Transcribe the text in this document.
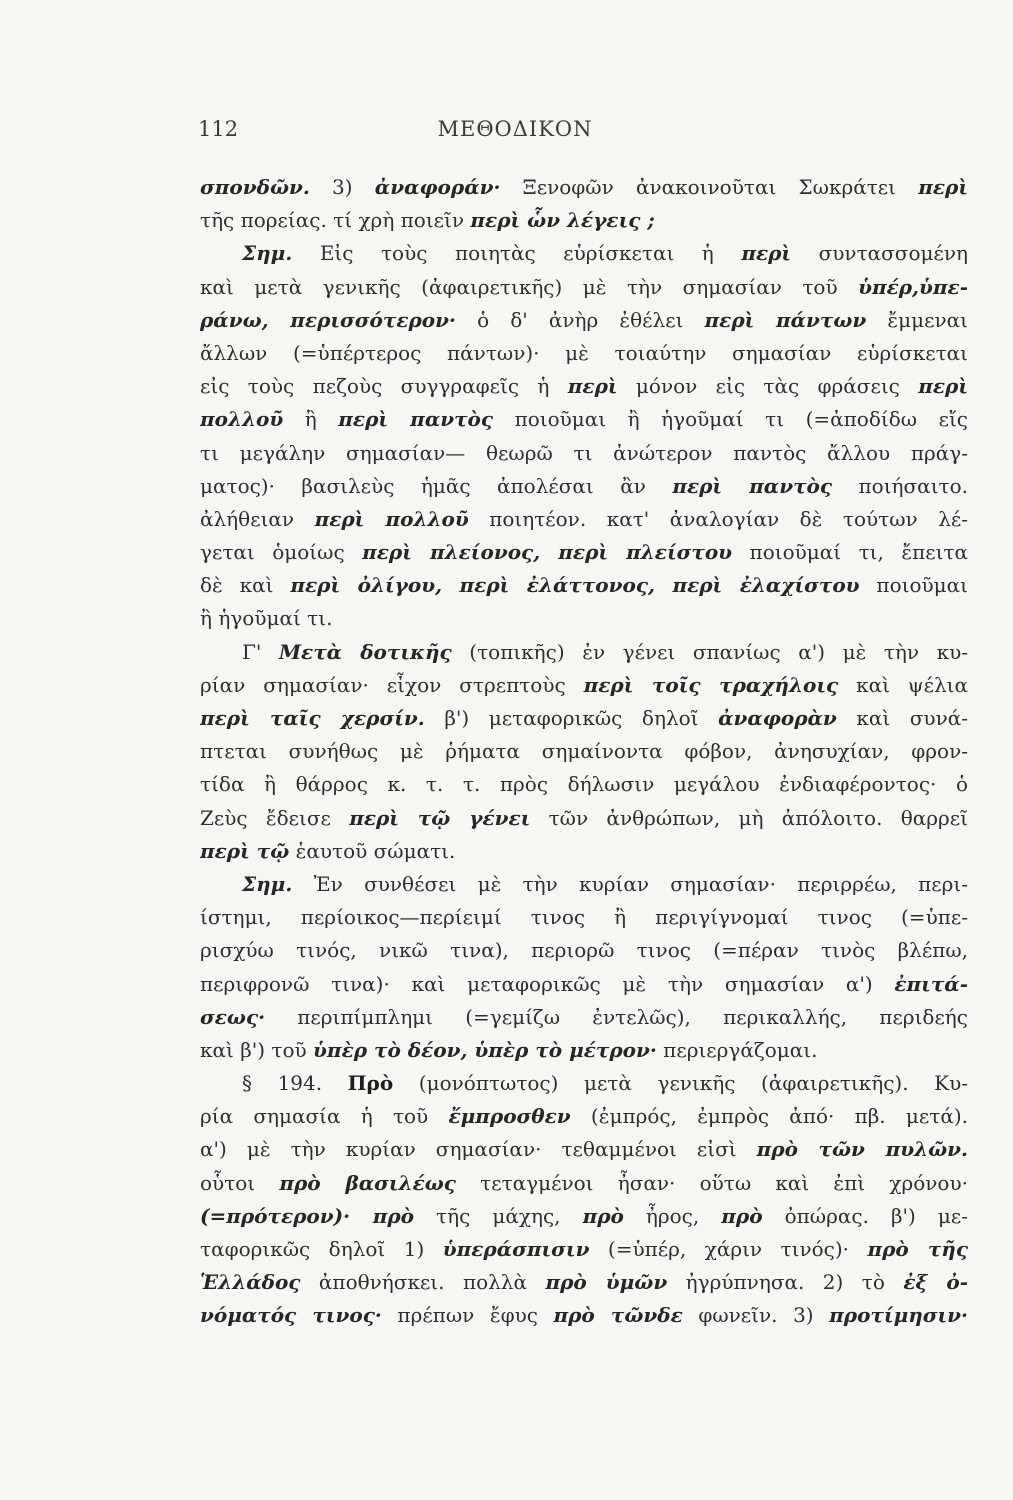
112	ΜΕΘΟΔΙΚΟΝ
σπονδῶν. 3) ἀναφοράν· Ξενοφῶν ἀνακοινοῦται Σωκράτει περὶ
τῆς πορείας. τί χρὴ ποιεῖν περὶ ὧν λέγεις ;
Σημ. Εἰς τοὺς ποιητὰς εὑρίσκεται ἡ περὶ συντασσομένη
καὶ μετὰ γενικῆς (ἀφαιρετικῆς) μὲ τὴν σημασίαν τοῦ ὑπέρ,ὑπε-
ράνω, περισσότερον· ὁ δ' ἀνὴρ ἐθέλει περὶ πάντων ἔμμεναι
ἄλλων (=ὑπέρτερος πάντων)· μὲ τοιαύτην σημασίαν εὑρίσκεται
εἰς τοὺς πεζοὺς συγγραφεῖς ἡ περὶ μόνον εἰς τὰς φράσεις περὶ
πολλοῦ ἢ περὶ παντὸς ποιοῦμαι ἢ ἡγοῦμαί τι (=ἀποδίδω εἴς
τι μεγάλην σημασίαν— θεωρῶ τι ἀνώτερον παντὸς ἄλλου πράγ-
ματος)· βασιλεὺς ἡμᾶς ἀπολέσαι ἂν περὶ παντὸς ποιήσαιτο.
ἀλήθειαν περὶ πολλοῦ ποιητέον. κατ' ἀναλογίαν δὲ τούτων λέ-
γεται ὁμοίως περὶ πλείονος, περὶ πλείστου ποιοῦμαί τι, ἔπειτα
δὲ καὶ περὶ ὀλίγου, περὶ ἐλάττονος, περὶ ἐλαχίστου ποιοῦμαι
ἢ ἡγοῦμαί τι.
Γ' Μετὰ δοτικῆς (τοπικῆς) ἐν γένει σπανίως α') μὲ τὴν κυ-
ρίαν σημασίαν· εἶχον στρεπτοὺς περὶ τοῖς τραχήλοις καὶ ψέλια
περὶ ταῖς χερσίν. β') μεταφορικῶς δηλοῖ ἀναφορὰν καὶ συνά-
πτεται συνήθως μὲ ῥήματα σημαίνοντα φόβον, ἀνησυχίαν, φρον-
τίδα ἢ θάρρος κ. τ. τ. πρὸς δήλωσιν μεγάλου ἐνδιαφέροντος· ὁ
Ζεὺς ἔδεισε περὶ τῷ γένει τῶν ἀνθρώπων, μὴ ἀπόλοιτο. θαρρεῖ
περὶ τῷ ἑαυτοῦ σώματι.
Σημ. Ἐν συνθέσει μὲ τὴν κυρίαν σημασίαν· περιρρέω, περι-
ίστημι, περίοικος—περίειμί τινος ἢ περιγίγνομαί τινος (=ὑπε-
ρισχύω τινός, νικῶ τινα), περιορῶ τινος (=πέραν τινὸς βλέπω,
περιφρονῶ τινα)· καὶ μεταφορικῶς μὲ τὴν σημασίαν α') ἐπιτά-
σεως· περιπίμπλημι (=γεμίζω ἐντελῶς), περικαλλής, περιδεής
καὶ β') τοῦ ὑπὲρ τὸ δέον, ὑπὲρ τὸ μέτρον· περιεργάζομαι.
§ 194. Πρὸ (μονόπτωτος) μετὰ γενικῆς (ἀφαιρετικῆς). Κυ-
ρία σημασία ἡ τοῦ ἔμπροσθεν (ἐμπρός, ἐμπρὸς ἀπό· πβ. μετά).
α') μὲ τὴν κυρίαν σημασίαν· τεθαμμένοι εἰσὶ πρὸ τῶν πυλῶν.
οὗτοι πρὸ βασιλέως τεταγμένοι ἦσαν· οὕτω καὶ ἐπὶ χρόνου·
(=πρότερον)· πρὸ τῆς μάχης, πρὸ ἦρος, πρὸ ὀπώρας. β') με-
ταφορικῶς δηλοῖ 1) ὑπεράσπισιν (=ὑπέρ, χάριν τινός)· πρὸ τῆς
Ἑλλάδος ἀποθνήσκει. πολλὰ πρὸ ὑμῶν ἠγρύπνησα. 2) τὸ ἐξ ὀ-
νόματός τινος· πρέπων ἔφυς πρὸ τῶνδε φωνεῖν. 3) προτίμησιν·
